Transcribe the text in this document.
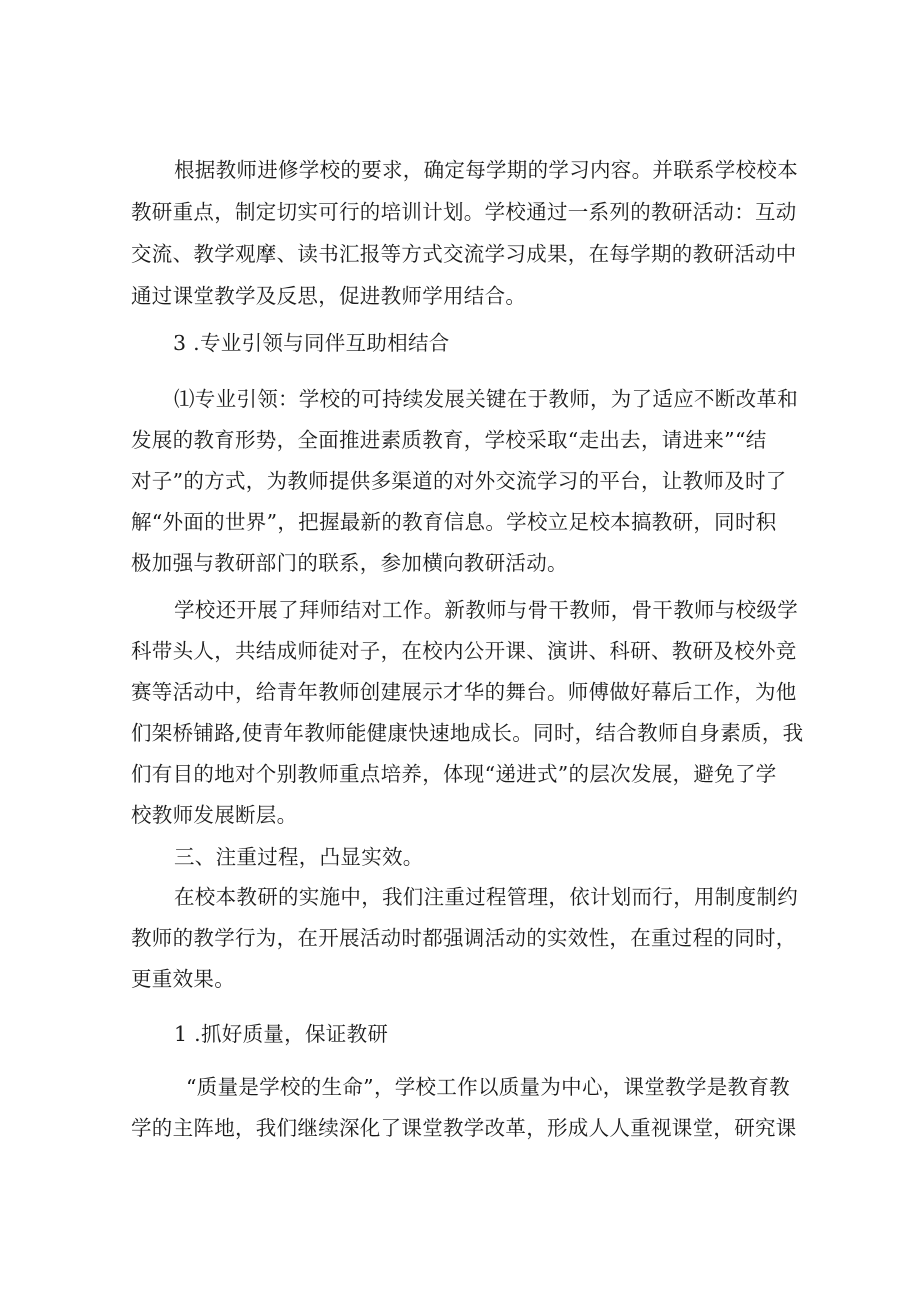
根据教师进修学校的要求，确定每学期的学习内容。并联系学校校本
教研重点，制定切实可行的培训计划。学校通过一系列的教研活动：互动
交流、教学观摩、读书汇报等方式交流学习成果，在每学期的教研活动中
通过课堂教学及反思，促进教师学用结合。
3 .专业引领与同伴互助相结合
⑴专业引领：学校的可持续发展关键在于教师，为了适应不断改革和
发展的教育形势，全面推进素质教育，学校采取“走出去，请进来”“结
对子”的方式，为教师提供多渠道的对外交流学习的平台，让教师及时了
解“外面的世界”，把握最新的教育信息。学校立足校本搞教研，同时积
极加强与教研部门的联系，参加横向教研活动。
学校还开展了拜师结对工作。新教师与骨干教师，骨干教师与校级学
科带头人，共结成师徒对子，在校内公开课、演讲、科研、教研及校外竞
赛等活动中，给青年教师创建展示才华的舞台。师傅做好幕后工作，为他
们架桥铺路,使青年教师能健康快速地成长。同时，结合教师自身素质，我
们有目的地对个别教师重点培养，体现“递进式”的层次发展，避免了学
校教师发展断层。
三、注重过程，凸显实效。
在校本教研的实施中，我们注重过程管理，依计划而行，用制度制约
教师的教学行为，在开展活动时都强调活动的实效性，在重过程的同时，
更重效果。
1 .抓好质量，保证教研
“质量是学校的生命”，学校工作以质量为中心，课堂教学是教育教
学的主阵地，我们继续深化了课堂教学改革，形成人人重视课堂，研究课
